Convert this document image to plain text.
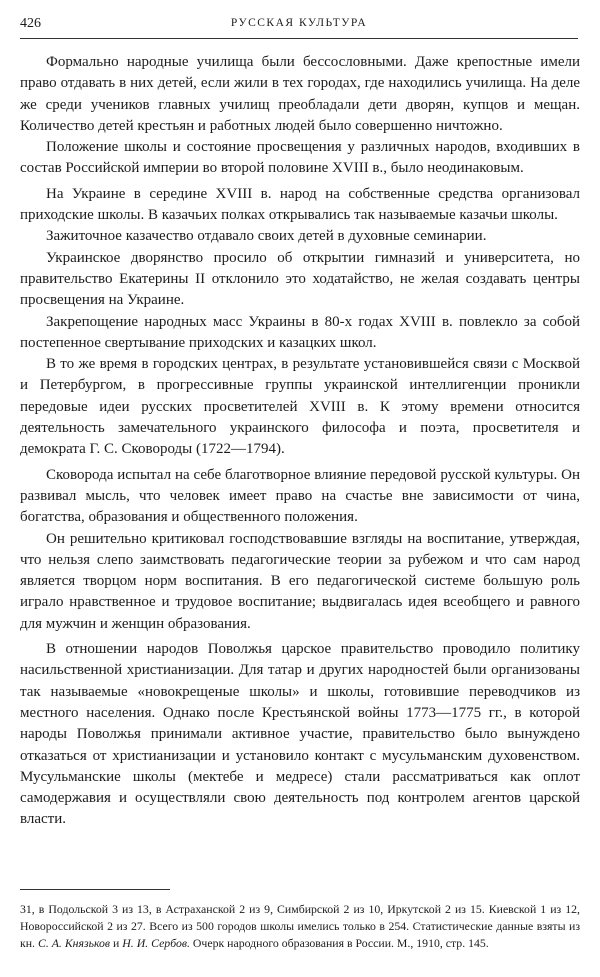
426	РУССКАЯ КУЛЬТУРА

Формально народные училища были бессословными. Даже крепостные имели право отдавать в них детей, если жили в тех городах, где находились училища. На деле же среди учеников главных училищ преобладали дети дворян, купцов и мещан. Количество детей крестьян и работных людей было совершенно ничтожно.

Положение школы и состояние просвещения у различных народов, входивших в состав Российской империи во второй половине XVIII в., было неодинаковым.

На Украине в середине XVIII в. народ на собственные средства организовал приходские школы. В казачьих полках открывались так называемые казачьи школы.

Зажиточное казачество отдавало своих детей в духовные семинарии.

Украинское дворянство просило об открытии гимназий и университета, но правительство Екатерины II отклонило это ходатайство, не желая создавать центры просвещения на Украине.

Закрепощение народных масс Украины в 80-х годах XVIII в. повлекло за собой постепенное свертывание приходских и казацких школ.

В то же время в городских центрах, в результате установившейся связи с Москвой и Петербургом, в прогрессивные группы украинской интеллигенции проникли передовые идеи русских просветителей XVIII в. К этому времени относится деятельность замечательного украинского философа и поэта, просветителя и демократа Г. С. Сковороды (1722—1794).

Сковорода испытал на себе благотворное влияние передовой русской культуры. Он развивал мысль, что человек имеет право на счастье вне зависимости от чина, богатства, образования и общественного положения.

Он решительно критиковал господствовавшие взгляды на воспитание, утверждая, что нельзя слепо заимствовать педагогические теории за рубежом и что сам народ является творцом норм воспитания. В его педагогической системе большую роль играло нравственное и трудовое воспитание; выдвигалась идея всеобщего и равного для мужчин и женщин образования.

В отношении народов Поволжья царское правительство проводило политику насильственной христианизации. Для татар и других народностей были организованы так называемые «новокрещеные школы» и школы, готовившие переводчиков из местного населения. Однако после Крестьянской войны 1773—1775 гг., в которой народы Поволжья принимали активное участие, правительство было вынуждено отказаться от христианизации и установило контакт с мусульманским духовенством. Мусульманские школы (мектебе и медресе) стали рассматриваться как оплот самодержавия и осуществляли свою деятельность под контролем агентов царской власти.

31, в Подольской 3 из 13, в Астраханской 2 из 9, Симбирской 2 из 10, Иркутской 2 из 15. Киевской 1 из 12, Новороссийской 2 из 27. Всего из 500 городов школы имелись только в 254. Статистические данные взяты из кн. С. А. Князьков и Н. И. Сербов. Очерк народного образования в России. М., 1910, стр. 145.
